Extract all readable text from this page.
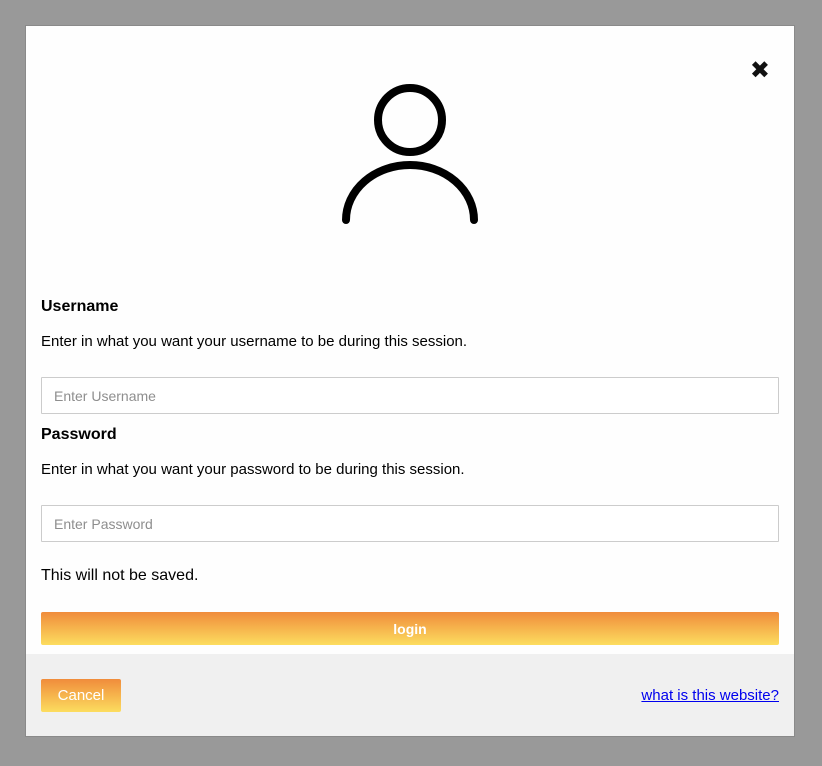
✖
Username
Enter in what you want your username to be during this session.
Enter Username
Password
Enter in what you want your password to be during this session.
Enter Password
This will not be saved.
login
Cancel	what is this website?
